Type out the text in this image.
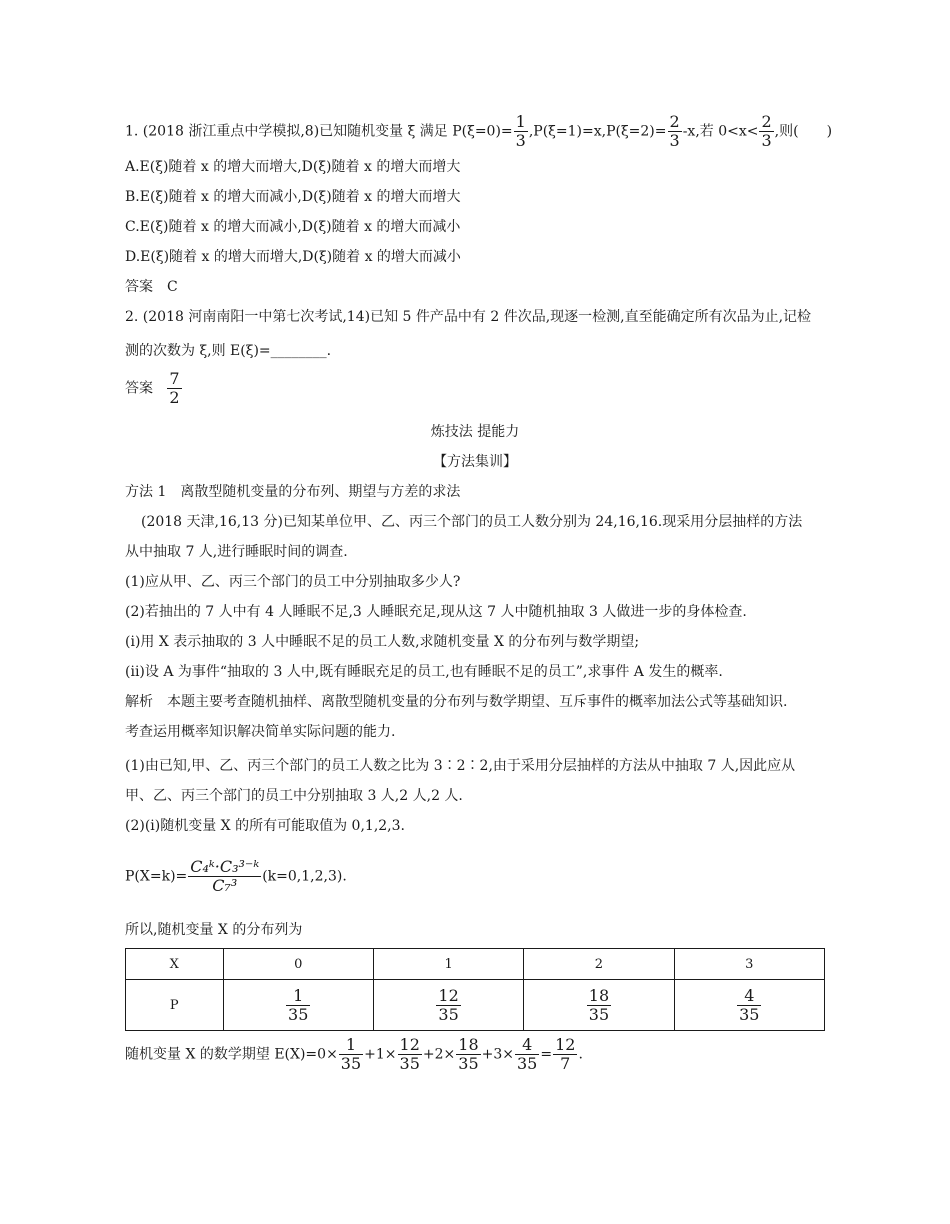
1. (2018 浙江重点中学模拟,8)已知随机变量 ξ 满足 $P(\xi=0)= \frac{1}{3} ,P(\xi=1)=x,P(\xi=2)= \frac{2}{3} -x$,若 $0<x< \frac{2}{3}$ ,则(　　)
A.E(ξ)随着 x 的增大而增大,D(ξ)随着 x 的增大而增大
B.E(ξ)随着 x 的增大而减小,D(ξ)随着 x 的增大而增大
C.E(ξ)随着 x 的增大而减小,D(ξ)随着 x 的增大而减小
D.E(ξ)随着 x 的增大而增大,D(ξ)随着 x 的增大而减小
答案　C
2. (2018 河南南阳一中第七次考试,14)已知 5 件产品中有 2 件次品,现逐一检测,直至能确定所有次品为止,记检
测的次数为 ξ,则 E(ξ)=________.
答案 $\frac{7}{2}$
炼技法 提能力
【方法集训】
方法 1　离散型随机变量的分布列、期望与方差的求法
(2018 天津,16,13 分)已知某单位甲、乙、丙三个部门的员工人数分别为 24,16,16.现采用分层抽样的方法
从中抽取 7 人,进行睡眠时间的调查.
(1)应从甲、乙、丙三个部门的员工中分别抽取多少人?
(2)若抽出的 7 人中有 4 人睡眠不足,3 人睡眠充足,现从这 7 人中随机抽取 3 人做进一步的身体检查.
(i)用 X 表示抽取的 3 人中睡眠不足的员工人数,求随机变量 X 的分布列与数学期望;
(ii)设 A 为事件“抽取的 3 人中,既有睡眠充足的员工,也有睡眠不足的员工”,求事件 A 发生的概率.
解析　本题主要考查随机抽样、离散型随机变量的分布列与数学期望、互斥事件的概率加法公式等基础知识.
考查运用概率知识解决简单实际问题的能力.
(1)由已知,甲、乙、丙三个部门的员工人数之比为 3∶2∶2,由于采用分层抽样的方法从中抽取 7 人,因此应从
甲、乙、丙三个部门的员工中分别抽取 3 人,2 人,2 人.
(2)(i)随机变量 X 的所有可能取值为 0,1,2,3.
$P(X=k)= \frac{\text{C₄ᵏ·C₃³⁻ᵏ}}{\text{C₇³}} (k=0,1,2,3)$.
所以,随机变量 X 的分布列为
X	0	1	2	3
P	$\frac{1}{35}$	$\frac{12}{35}$	$\frac{18}{35}$	$\frac{4}{35}$
随机变量 X 的数学期望 $E(X)=0\times \frac{1}{35} +1\times \frac{12}{35} +2\times \frac{18}{35} +3\times \frac{4}{35} = \frac{12}{7}$ .
